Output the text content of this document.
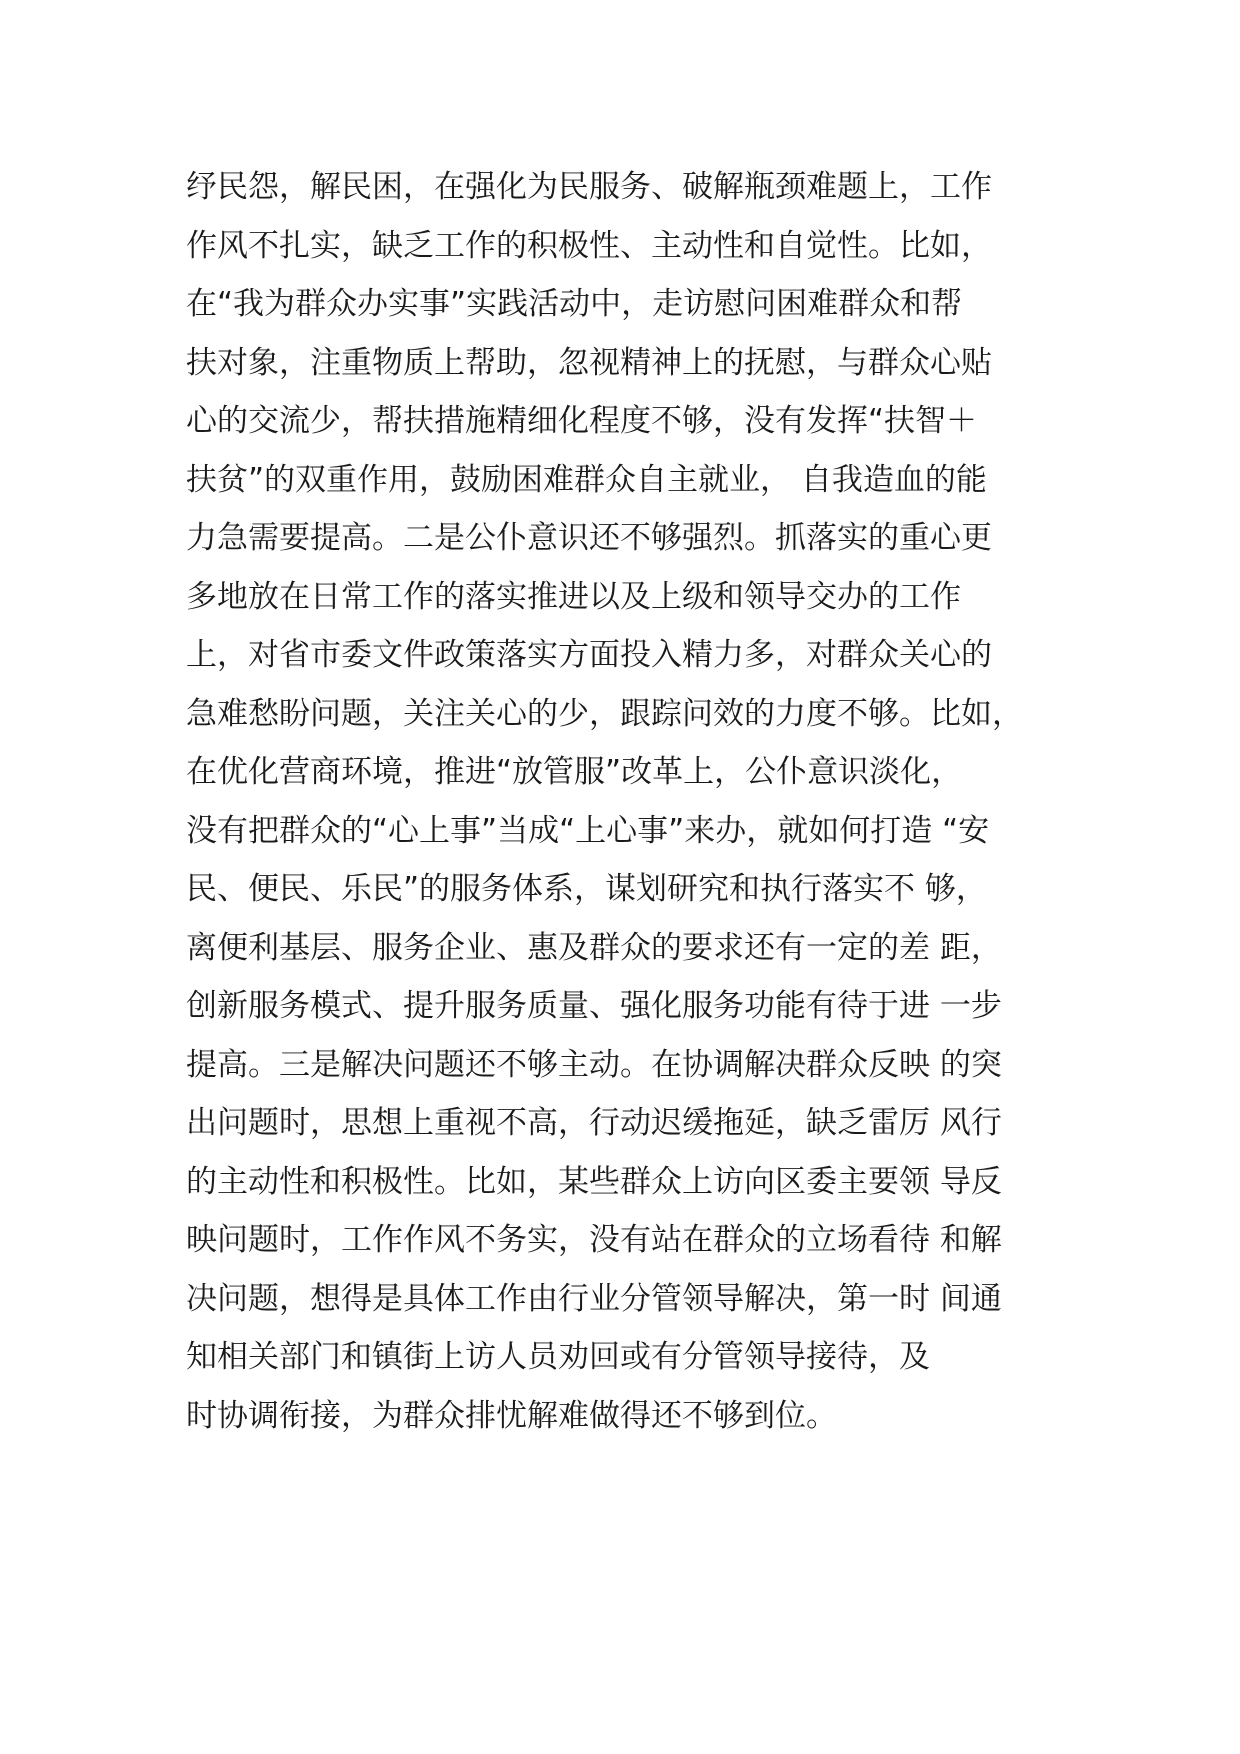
纾民怨，解民困，在强化为民服务、破解瓶颈难题上，工作
作风不扎实，缺乏工作的积极性、主动性和自觉性。比如，
在“我为群众办实事”实践活动中，走访慰问困难群众和帮
扶对象，注重物质上帮助，忽视精神上的抚慰，与群众心贴
心的交流少，帮扶措施精细化程度不够，没有发挥“扶智＋
扶贫”的双重作用，鼓励困难群众自主就业， 自我造血的能
力急需要提高。二是公仆意识还不够强烈。抓落实的重心更
多地放在日常工作的落实推进以及上级和领导交办的工作
上，对省市委文件政策落实方面投入精力多，对群众关心的
急难愁盼问题，关注关心的少，跟踪问效的力度不够。比如，
在优化营商环境，推进“放管服”改革上，公仆意识淡化，
没有把群众的“心上事”当成“上心事”来办，就如何打造 “安
民、便民、乐民”的服务体系，谋划研究和执行落实不 够，
离便利基层、服务企业、惠及群众的要求还有一定的差 距，
创新服务模式、提升服务质量、强化服务功能有待于进 一步
提高。三是解决问题还不够主动。在协调解决群众反映 的突
出问题时，思想上重视不高，行动迟缓拖延，缺乏雷厉 风行
的主动性和积极性。比如，某些群众上访向区委主要领 导反
映问题时，工作作风不务实，没有站在群众的立场看待 和解
决问题，想得是具体工作由行业分管领导解决，第一时 间通
知相关部门和镇街上访人员劝回或有分管领导接待，及
时协调衔接，为群众排忧解难做得还不够到位。
